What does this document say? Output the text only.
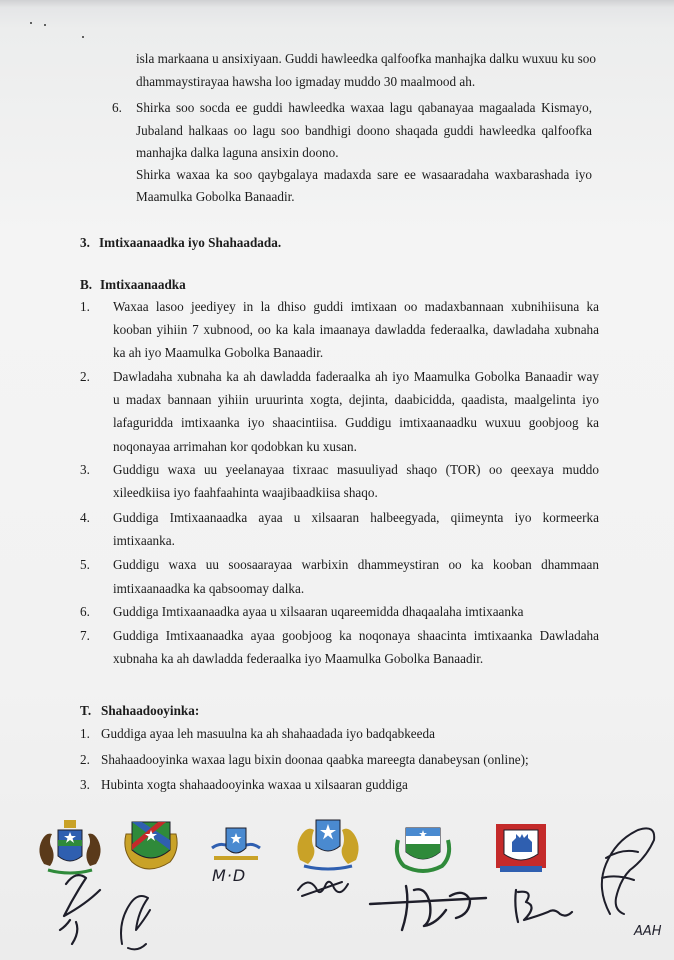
isla markaana u ansixiyaan. Guddi hawleedka qalfoofka manhajka dalku wuxuu ku soo
dhammaystirayaa hawsha loo igmaday muddo 30 maalmood ah.
6. Shirka soo socda ee guddi hawleedka waxaa lagu qabanayaa magaalada Kismayo,
Jubaland halkaas oo lagu soo bandhigi doono shaqada guddi hawleedka qalfoofka
manhajka dalka laguna ansixin doono.
Shirka waxaa ka soo qaybgalaya madaxda sare ee wasaaradaha waxbarashada iyo
Maamulka Gobolka Banaadir.
3. Imtixaanaadka iyo Shahaadada.
B. Imtixaanaadka
1. Waxaa lasoo jeediyey in la dhiso guddi imtixaan oo madaxbannaan xubnihiisuna ka
kooban yihiin 7 xubnood, oo ka kala imaanaya dawladda federaalka, dawladaha xubnaha
ka ah iyo Maamulka Gobolka Banaadir.
2. Dawladaha xubnaha ka ah dawladda faderaalka ah iyo Maamulka Gobolka Banaadir way
u madax bannaan yihiin uruurinta xogta, dejinta, daabicidda, qaadista, maalgelinta iyo
lafaguridda imtixaanka iyo shaacintiisa. Guddigu imtixaanaadku wuxuu goobjoog ka
noqonayaa arrimahan kor qodobkan ku xusan.
3. Guddigu waxa uu yeelanayaa tixraac masuuliyad shaqo (TOR) oo qeexaya muddo
xileedkiisa iyo faahfaahinta waajibaadkiisa shaqo.
4. Guddiga Imtixaanaadka ayaa u xilsaaran halbeegyada, qiimeynta iyo kormeerka
imtixaanka.
5. Guddigu waxa uu soosaarayaa warbixin dhammeystiran oo ka kooban dhammaan
imtixaanaadka ka qabsoomay dalka.
6. Guddiga Imtixaanaadka ayaa u xilsaaran uqareemidda dhaqaalaha imtixaanka
7. Guddiga Imtixaanaadka ayaa goobjoog ka noqonaya shaacinta imtixaanka Dawladaha
xubnaha ka ah dawladda federaalka iyo Maamulka Gobolka Banaadir.
T. Shahaadooyinka:
1. Guddiga ayaa leh masuulna ka ah shahaadada iyo badqabkeeda
2. Shahaadooyinka waxaa lagu bixin doonaa qaabka mareegta danabeysan (online);
3. Hubinta xogta shahaadooyinka waxaa u xilsaaran guddiga
M·D
AAH
